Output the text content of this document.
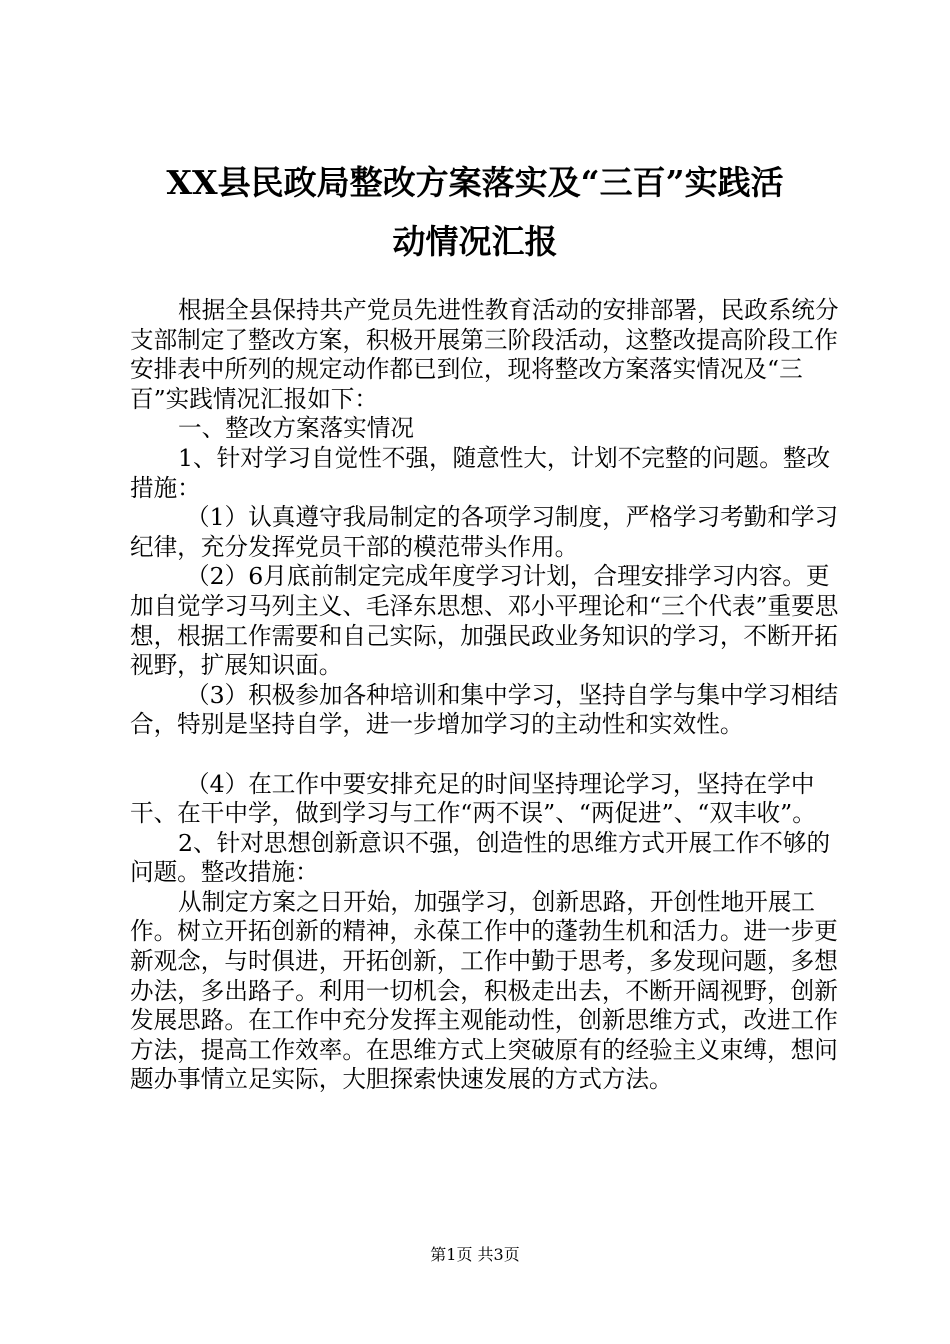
XX县民政局整改方案落实及“三百”实践活
动情况汇报

根据全县保持共产党员先进性教育活动的安排部署，民政系统分支部制定了整改方案，积极开展第三阶段活动，这整改提高阶段工作安排表中所列的规定动作都已到位，现将整改方案落实情况及“三百”实践情况汇报如下：

一、整改方案落实情况

1、针对学习自觉性不强，随意性大，计划不完整的问题。整改措施：

（1）认真遵守我局制定的各项学习制度，严格学习考勤和学习纪律，充分发挥党员干部的模范带头作用。

（2）6月底前制定完成年度学习计划，合理安排学习内容。更加自觉学习马列主义、毛泽东思想、邓小平理论和“三个代表”重要思想，根据工作需要和自己实际，加强民政业务知识的学习，不断开拓视野，扩展知识面。

（3）积极参加各种培训和集中学习，坚持自学与集中学习相结合，特别是坚持自学，进一步增加学习的主动性和实效性。

（4）在工作中要安排充足的时间坚持理论学习，坚持在学中干、在干中学，做到学习与工作“两不误”、“两促进”、“双丰收”。

2、针对思想创新意识不强，创造性的思维方式开展工作不够的问题。整改措施：

从制定方案之日开始，加强学习，创新思路，开创性地开展工作。树立开拓创新的精神，永葆工作中的蓬勃生机和活力。进一步更新观念，与时俱进，开拓创新，工作中勤于思考，多发现问题，多想办法，多出路子。利用一切机会，积极走出去，不断开阔视野，创新发展思路。在工作中充分发挥主观能动性，创新思维方式，改进工作方法，提高工作效率。在思维方式上突破原有的经验主义束缚，想问题办事情立足实际，大胆探索快速发展的方式方法。

第1页 共3页
